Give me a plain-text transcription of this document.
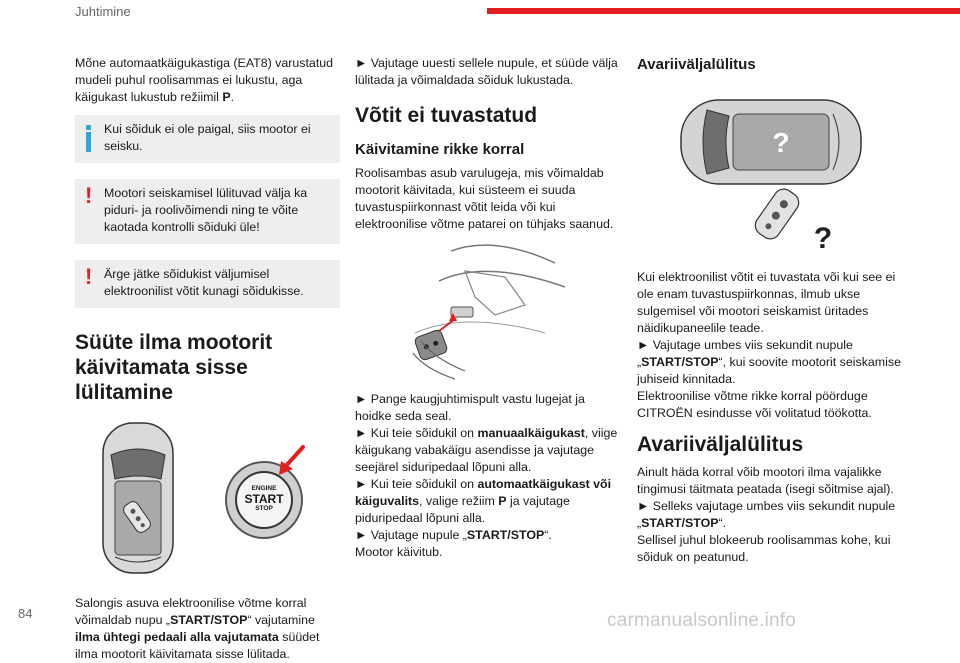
Juhtimine

Mõne automaatkäigukastiga (EAT8) varustatud mudeli puhul roolisammas ei lukustu, aga käigukast lukustub režiimil P.

Kui sõiduk ei ole paigal, siis mootor ei seisku.
! Mootori seiskamisel lülituvad välja ka piduri- ja roolivõimendi ning te võite kaotada kontrolli sõiduki üle!
! Ärge jätke sõidukist väljumisel elektroonilist võtit kunagi sõidukisse.
Süüte ilma mootorit käivitamata sisse lülitamine
ENGINE
START
STOP

Salongis asuva elektroonilise võtme korral võimaldab nupu „START/STOP“ vajutamine ilma ühtegi pedaali alla vajutamata süüdet ilma mootorit käivitamata sisse lülitada.

► Vajutage uuesti sellele nupule, et süüde välja lülitada ja võimaldada sõiduk lukustada.

Võtit ei tuvastatud
Käivitamine rikke korral

Roolisambas asub varulugeja, mis võimaldab mootorit käivitada, kui süsteem ei suuda tuvastuspiirkonnast võtit leida või kui elektroonilise võtme patarei on tühjaks saanud.

► Pange kaugjuhtimispult vastu lugejat ja hoidke seda seal.

► Kui teie sõidukil on manuaalkäigukast, viige käigukang vabakäigu asendisse ja vajutage seejärel siduripedaal lõpuni alla.

► Kui teie sõidukil on automaatkäigukast või käiguvalits, valige režiim P ja vajutage piduripedaal lõpuni alla.

► Vajutage nupule „START/STOP“.

Mootor käivitub.

Avariiväljalülitus
?
?

Kui elektroonilist võtit ei tuvastata või kui see ei ole enam tuvastuspiirkonnas, ilmub ukse sulgemisel või mootori seiskamist üritades näidikupaneelile teade.

► Vajutage umbes viis sekundit nupule „START/STOP“, kui soovite mootorit seiskamise juhiseid kinnitada.

Elektroonilise võtme rikke korral pöörduge CITROËN esindusse või volitatud töökotta.

Avariiväljalülitus

Ainult häda korral võib mootori ilma vajalikke tingimusi täitmata peatada (isegi sõitmise ajal).

► Selleks vajutage umbes viis sekundit nupule „START/STOP“.

Sellisel juhul blokeerub roolisammas kohe, kui sõiduk on peatunud.

84	carmanualsonline.info
